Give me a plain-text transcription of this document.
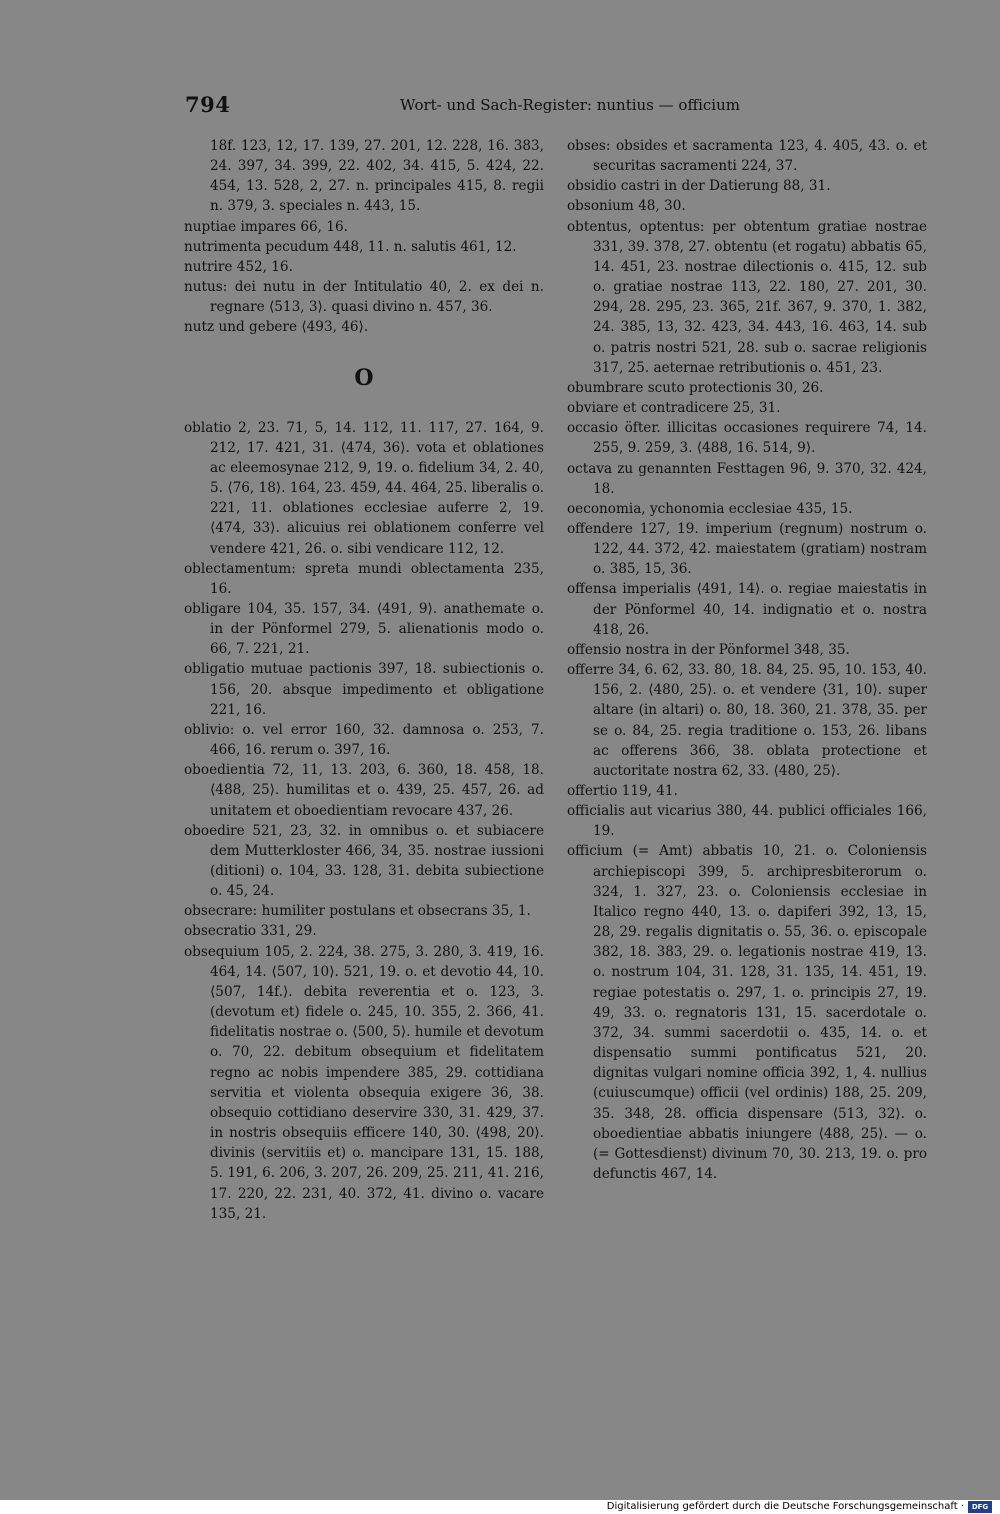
794	Wort- und Sach-Register: nuntius — officium

18f. 123, 12, 17. 139, 27. 201, 12. 228, 16. 383, 24. 397, 34. 399, 22. 402, 34. 415, 5. 424, 22. 454, 13. 528, 2, 27. n. principales 415, 8. regii n. 379, 3. speciales n. 443, 15.

nuptiae impares 66, 16.

nutrimenta pecudum 448, 11. n. salutis 461, 12.

nutrire 452, 16.

nutus: dei nutu in der Intitulatio 40, 2. ex dei n. regnare ⟨513, 3⟩. quasi divino n. 457, 36.

nutz und gebere ⟨493, 46⟩.

O

oblatio 2, 23. 71, 5, 14. 112, 11. 117, 27. 164, 9. 212, 17. 421, 31. ⟨474, 36⟩. vota et oblationes ac eleemosynae 212, 9, 19. o. fidelium 34, 2. 40, 5. ⟨76, 18⟩. 164, 23. 459, 44. 464, 25. liberalis o. 221, 11. oblationes ecclesiae auferre 2, 19. ⟨474, 33⟩. alicuius rei oblationem conferre vel vendere 421, 26. o. sibi vendicare 112, 12.

oblectamentum: spreta mundi oblectamenta 235, 16.

obligare 104, 35. 157, 34. ⟨491, 9⟩. anathemate o. in der Pönformel 279, 5. alienationis modo o. 66, 7. 221, 21.

obligatio mutuae pactionis 397, 18. subiectionis o. 156, 20. absque impedimento et obligatione 221, 16.

oblivio: o. vel error 160, 32. damnosa o. 253, 7. 466, 16. rerum o. 397, 16.

oboedientia 72, 11, 13. 203, 6. 360, 18. 458, 18. ⟨488, 25⟩. humilitas et o. 439, 25. 457, 26. ad unitatem et oboedientiam revocare 437, 26.

oboedire 521, 23, 32. in omnibus o. et subiacere dem Mutterkloster 466, 34, 35. nostrae iussioni (ditioni) o. 104, 33. 128, 31. debita subiectione o. 45, 24.

obsecrare: humiliter postulans et obsecrans 35, 1.

obsecratio 331, 29.

obsequium 105, 2. 224, 38. 275, 3. 280, 3. 419, 16. 464, 14. ⟨507, 10⟩. 521, 19. o. et devotio 44, 10. ⟨507, 14f.⟩. debita reverentia et o. 123, 3. (devotum et) fidele o. 245, 10. 355, 2. 366, 41. fidelitatis nostrae o. ⟨500, 5⟩. humile et devotum o. 70, 22. debitum obsequium et fidelitatem regno ac nobis impendere 385, 29. cottidiana servitia et violenta obsequia exigere 36, 38. obsequio cottidiano deservire 330, 31. 429, 37. in nostris obsequiis efficere 140, 30. ⟨498, 20⟩. divinis (servitiis et) o. mancipare 131, 15. 188, 5. 191, 6. 206, 3. 207, 26. 209, 25. 211, 41. 216, 17. 220, 22. 231, 40. 372, 41. divino o. vacare 135, 21.

obses: obsides et sacramenta 123, 4. 405, 43. o. et securitas sacramenti 224, 37.

obsidio castri in der Datierung 88, 31.

obsonium 48, 30.

obtentus, optentus: per obtentum gratiae nostrae 331, 39. 378, 27. obtentu (et rogatu) abbatis 65, 14. 451, 23. nostrae dilectionis o. 415, 12. sub o. gratiae nostrae 113, 22. 180, 27. 201, 30. 294, 28. 295, 23. 365, 21f. 367, 9. 370, 1. 382, 24. 385, 13, 32. 423, 34. 443, 16. 463, 14. sub o. patris nostri 521, 28. sub o. sacrae religionis 317, 25. aeternae retributionis o. 451, 23.

obumbrare scuto protectionis 30, 26.

obviare et contradicere 25, 31.

occasio öfter. illicitas occasiones requirere 74, 14. 255, 9. 259, 3. ⟨488, 16. 514, 9⟩.

octava zu genannten Festtagen 96, 9. 370, 32. 424, 18.

oeconomia, ychonomia ecclesiae 435, 15.

offendere 127, 19. imperium (regnum) nostrum o. 122, 44. 372, 42. maiestatem (gratiam) nostram o. 385, 15, 36.

offensa imperialis ⟨491, 14⟩. o. regiae maiestatis in der Pönformel 40, 14. indignatio et o. nostra 418, 26.

offensio nostra in der Pönformel 348, 35.

offerre 34, 6. 62, 33. 80, 18. 84, 25. 95, 10. 153, 40. 156, 2. ⟨480, 25⟩. o. et vendere ⟨31, 10⟩. super altare (in altari) o. 80, 18. 360, 21. 378, 35. per se o. 84, 25. regia traditione o. 153, 26. libans ac offerens 366, 38. oblata protectione et auctoritate nostra 62, 33. ⟨480, 25⟩.

offertio 119, 41.

officialis aut vicarius 380, 44. publici officiales 166, 19.

officium (= Amt) abbatis 10, 21. o. Coloniensis archiepiscopi 399, 5. archipresbiterorum o. 324, 1. 327, 23. o. Coloniensis ecclesiae in Italico regno 440, 13. o. dapiferi 392, 13, 15, 28, 29. regalis dignitatis o. 55, 36. o. episcopale 382, 18. 383, 29. o. legationis nostrae 419, 13. o. nostrum 104, 31. 128, 31. 135, 14. 451, 19. regiae potestatis o. 297, 1. o. principis 27, 19. 49, 33. o. regnatoris 131, 15. sacerdotale o. 372, 34. summi sacerdotii o. 435, 14. o. et dispensatio summi pontificatus 521, 20. dignitas vulgari nomine officia 392, 1, 4. nullius (cuiuscumque) officii (vel ordinis) 188, 25. 209, 35. 348, 28. officia dispensare ⟨513, 32⟩. o. oboedientiae abbatis iniungere ⟨488, 25⟩. — o. (= Gottesdienst) divinum 70, 30. 213, 19. o. pro defunctis 467, 14.

Digitalisierung gefördert durch die Deutsche Forschungsgemeinschaft ·	DFG
